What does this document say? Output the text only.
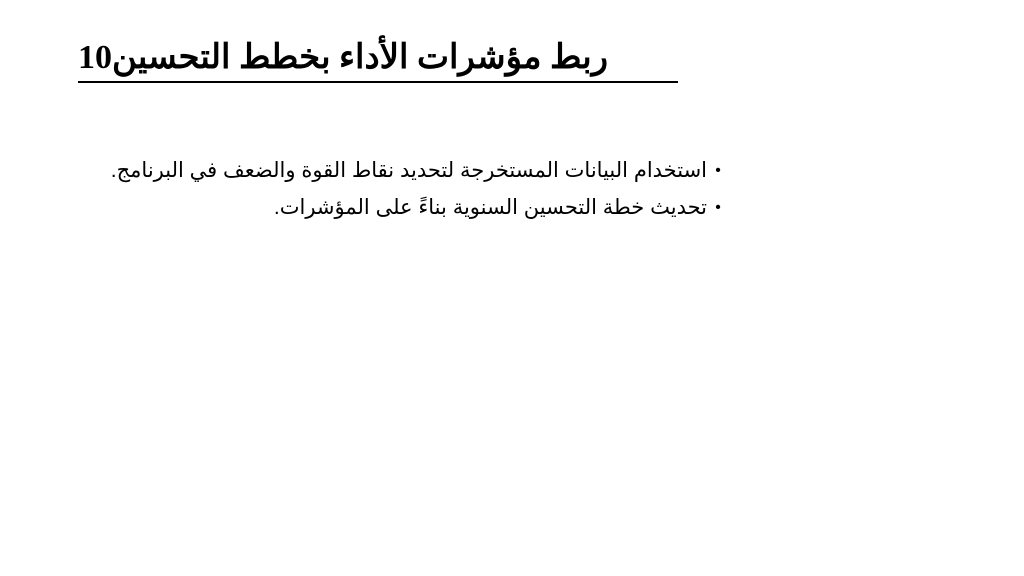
ربط مؤشرات الأداء بخطط التحسين10
•
استخدام البيانات المستخرجة لتحديد نقاط القوة والضعف في البرنامج.
•
تحديث خطة التحسين السنوية بناءً على المؤشرات.
